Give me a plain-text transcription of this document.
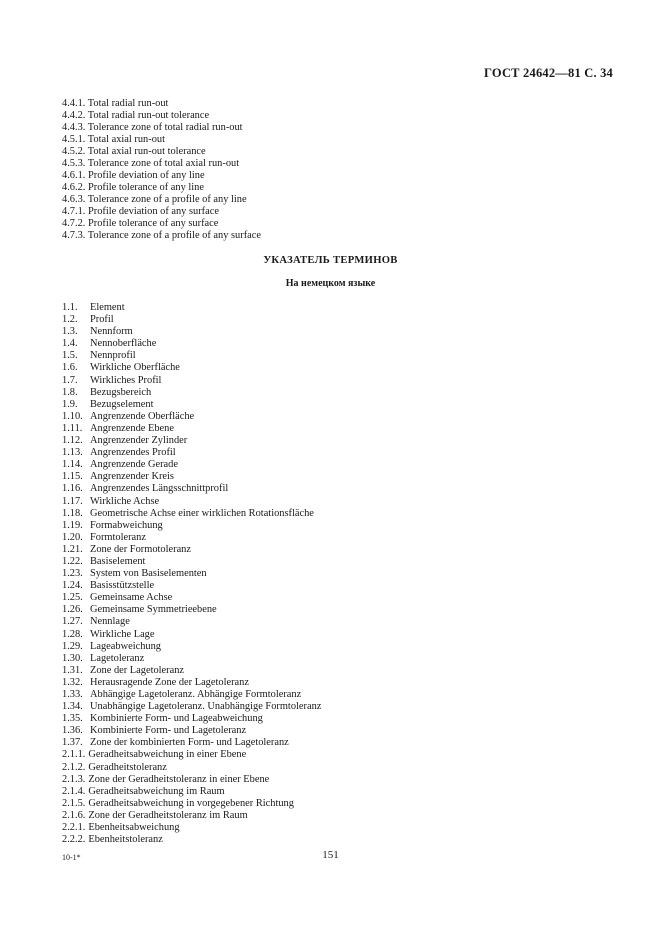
ГОСТ 24642—81 С. 34
4.4.1. Total radial run-out
4.4.2. Total radial run-out tolerance
4.4.3. Tolerance zone of total radial run-out
4.5.1. Total axial run-out
4.5.2. Total axial run-out tolerance
4.5.3. Tolerance zone of total axial run-out
4.6.1. Profile deviation of any line
4.6.2. Profile tolerance of any line
4.6.3. Tolerance zone of a profile of any line
4.7.1. Profile deviation of any surface
4.7.2. Profile tolerance of any surface
4.7.3. Tolerance zone of a profile of any surface
УКАЗАТЕЛЬ ТЕРМИНОВ
На немецком языке
1.1.	Element
1.2.	Profil
1.3.	Nennform
1.4.	Nennoberfläche
1.5.	Nennprofil
1.6.	Wirkliche Oberfläche
1.7.	Wirkliches Profil
1.8.	Bezugsbereich
1.9.	Bezugselement
1.10. Angrenzende Oberfläche
1.11. Angrenzende Ebene
1.12. Angrenzender Zylinder
1.13. Angrenzendes Profil
1.14. Angrenzende Gerade
1.15. Angrenzender Kreis
1.16. Angrenzendes Längsschnittprofil
1.17. Wirkliche Achse
1.18. Geometrische Achse einer wirklichen Rotationsfläche
1.19. Formabweichung
1.20. Formtoleranz
1.21. Zone der Formotoleranz
1.22. Basiselement
1.23. System von Basiselementen
1.24. Basisstützstelle
1.25. Gemeinsame Achse
1.26. Gemeinsame Symmetrieebene
1.27. Nennlage
1.28. Wirkliche Lage
1.29. Lageabweichung
1.30. Lagetoleranz
1.31. Zone der Lagetoleranz
1.32. Herausragende Zone der Lagetoleranz
1.33. Abhängige Lagetoleranz. Abhängige Formtoleranz
1.34. Unabhängige Lagetoleranz. Unabhängige Formtoleranz
1.35. Kombinierte Form- und Lageabweichung
1.36. Kombinierte Form- und Lagetoleranz
1.37. Zone der kombinierten Form- und Lagetoleranz
2.1.1. Geradheitsabweichung in einer Ebene
2.1.2. Geradheitstoleranz
2.1.3. Zone der Geradheitstoleranz in einer Ebene
2.1.4. Geradheitsabweichung im Raum
2.1.5. Geradheitsabweichung in vorgegebener Richtung
2.1.6. Zone der Geradheitstoleranz im Raum
2.2.1. Ebenheitsabweichung
2.2.2. Ebenheitstoleranz
10-1*	151
